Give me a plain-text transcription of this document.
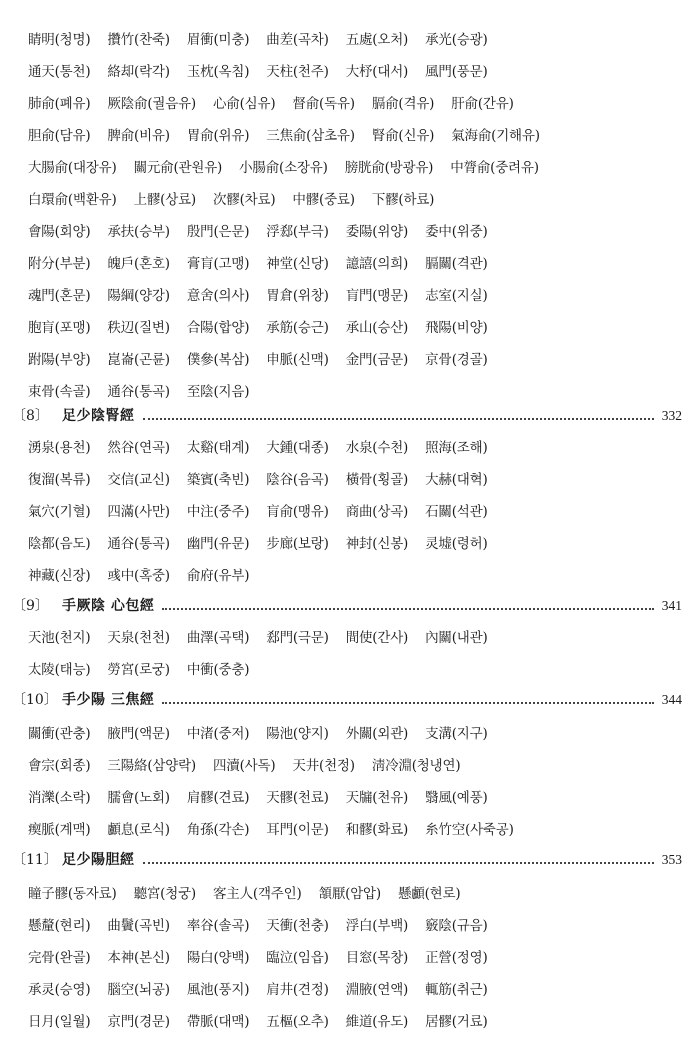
睛明(청명) 攢竹(찬죽) 眉衝(미충) 曲差(곡차) 五處(오처) 承光(승광)
通天(통천) 絡却(락각) 玉枕(옥침) 天柱(천주) 大杼(대서) 風門(풍문)
肺俞(폐유) 厥陰俞(궐음유) 心俞(심유) 督俞(독유) 膈俞(격유) 肝俞(간유)
胆俞(담유) 脾俞(비유) 胃俞(위유) 三焦俞(삼초유) 腎俞(신유) 氣海俞(기해유)
大腸俞(대장유) 關元俞(관원유) 小腸俞(소장유) 膀胱俞(방광유) 中膂俞(중려유)
白環俞(백환유) 上髎(상료) 次髎(차료) 中髎(중료) 下髎(하료)
會陽(회양) 承扶(승부) 殷門(은문) 浮郄(부극) 委陽(위양) 委中(위중)
附分(부분) 魄戶(혼호) 膏肓(고맹) 神堂(신당) 譩譆(의희) 膈關(격관)
魂門(혼문) 陽綱(양강) 意舍(의사) 胃倉(위창) 肓門(맹문) 志室(지실)
胞肓(포맹) 秩辺(질변) 合陽(합양) 承筋(승근) 承山(승산) 飛陽(비양)
跗陽(부양) 崑崙(곤륜) 僕參(복삼) 申脈(신맥) 金門(금문) 京骨(경골)
束骨(속골) 通谷(통곡) 至陰(지음)
〔8〕 足少陰腎經	332
湧泉(용천) 然谷(연곡) 太谿(태계) 大鍾(대종) 水泉(수천) 照海(조해)
復溜(복류) 交信(교신) 築賓(축빈) 陰谷(음곡) 橫骨(횡골) 大赫(대혁)
氣穴(기혈) 四滿(사만) 中注(중주) 肓俞(맹유) 商曲(상곡) 石關(석관)
陰都(음도) 通谷(통곡) 幽門(유문) 步廊(보랑) 神封(신봉) 灵墟(령허)
神藏(신장) 彧中(혹중) 俞府(유부)
〔9〕 手厥陰 心包經	341
天池(천지) 天泉(천천) 曲澤(곡택) 郄門(극문) 間使(간사) 內關(내관)
太陵(태능) 勞宮(로궁) 中衝(중충)
〔10〕 手少陽 三焦經	344
關衝(관충) 腋門(액문) 中渚(중저) 陽池(양지) 外關(외관) 支溝(지구)
會宗(회종) 三陽絡(삼양락) 四瀆(사독) 天井(천정) 淸冷淵(청냉연)
消濼(소락) 臑會(노회) 肩髎(견료) 天髎(천료) 天牖(천유) 翳風(예풍)
瘈脈(계맥) 顱息(로식) 角孫(각손) 耳門(이문) 和髎(화료) 糸竹空(사죽공)
〔11〕 足少陽胆經	353
瞳子髎(동자료) 聽宮(청궁) 客主人(객주인) 頷厭(암압) 懸顱(현로)
懸釐(현리) 曲鬢(곡빈) 率谷(솔곡) 天衝(천충) 浮白(부백) 竅陰(규음)
完骨(완골) 本神(본신) 陽白(양백) 臨泣(임읍) 目窓(목창) 正營(정영)
承灵(승영) 腦空(뇌공) 風池(풍지) 肩井(견정) 淵腋(연액) 輒筋(취근)
日月(일월) 京門(경문) 帶脈(대맥) 五樞(오추) 維道(유도) 居髎(거료)
